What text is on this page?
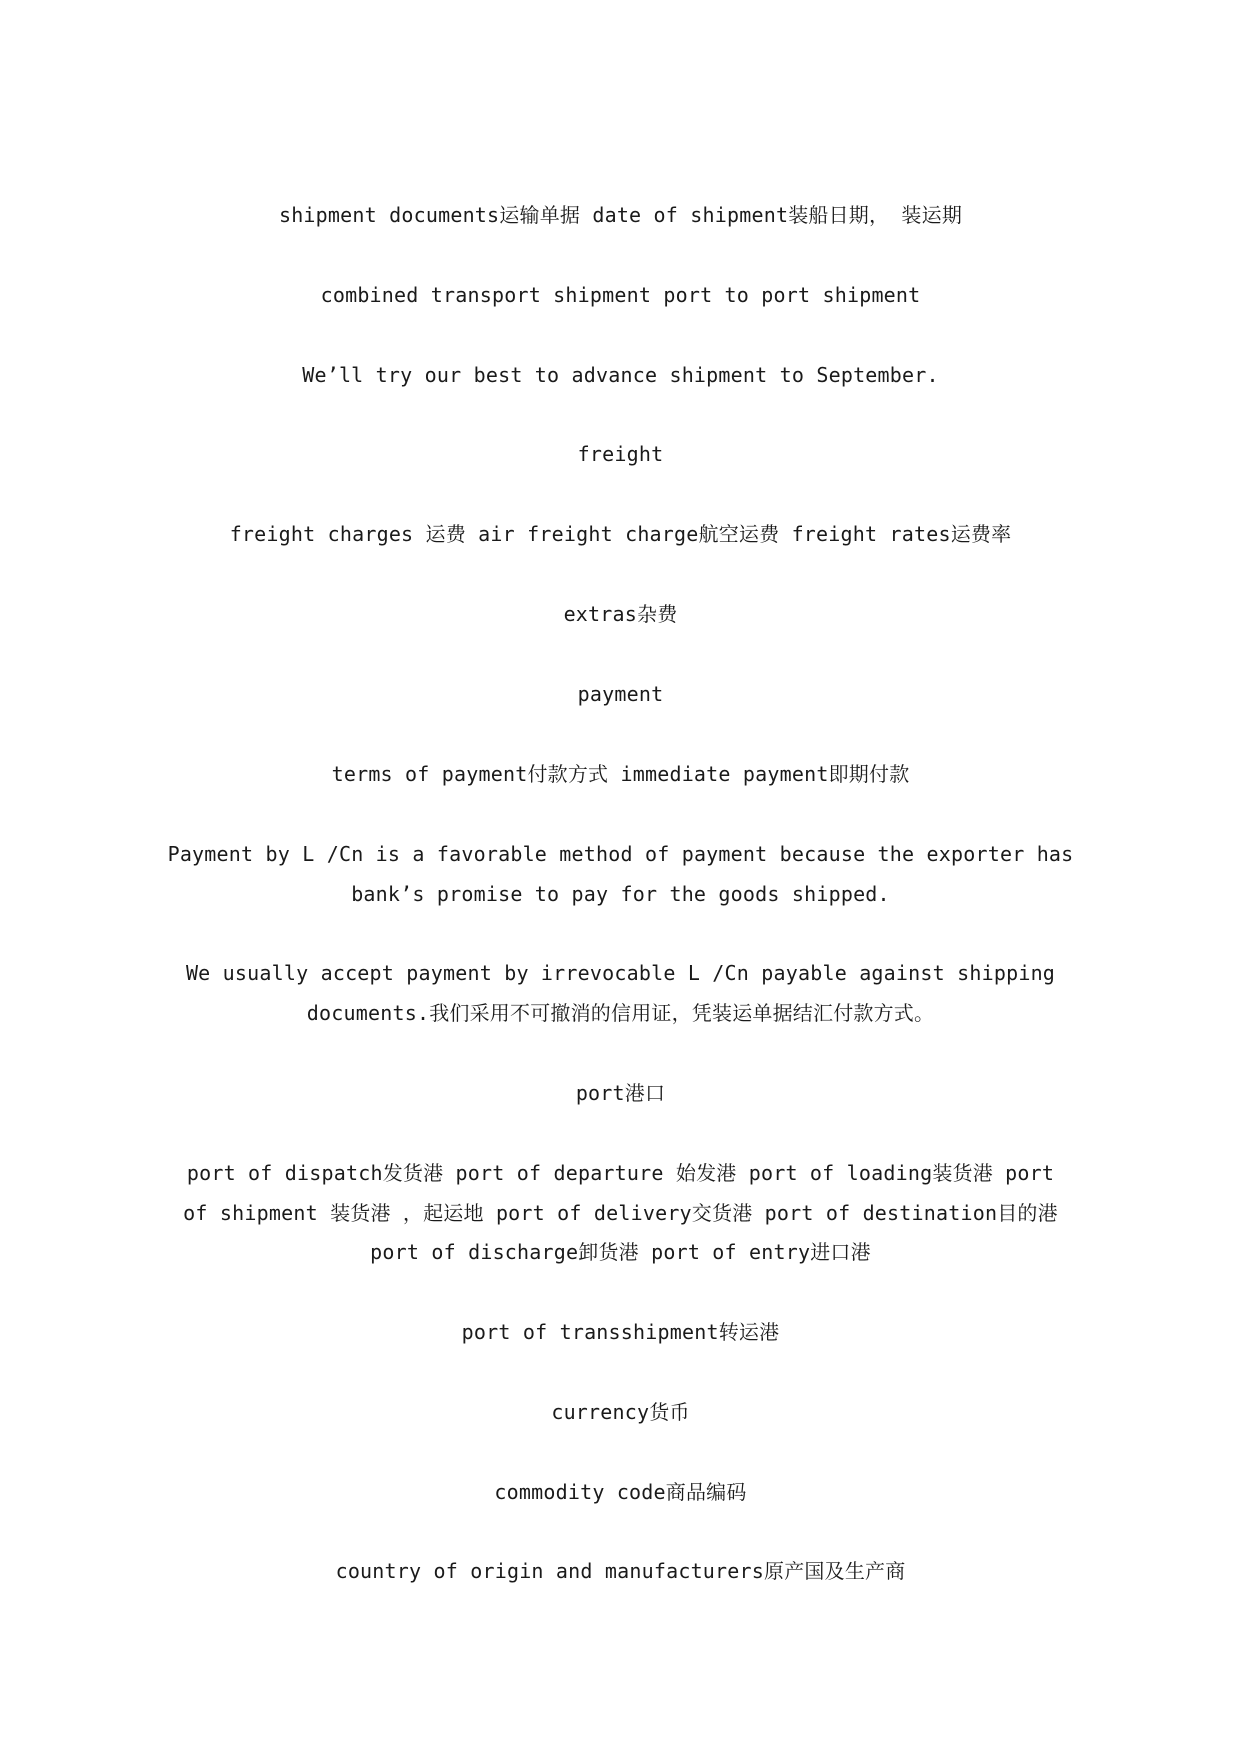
shipment documents运输单据 date of shipment装船日期， 装运期
combined transport shipment port to port shipment
We’ll try our best to advance shipment to September.
freight
freight charges 运费 air freight charge航空运费 freight rates运费率
extras杂费
payment
terms of payment付款方式 immediate payment即期付款
Payment by L /Cn is a favorable method of payment because the exporter has
bank’s promise to pay for the goods shipped.
We usually accept payment by irrevocable L /Cn payable against shipping
documents.我们采用不可撤消的信用证，凭装运单据结汇付款方式。
port港口
port of dispatch发货港 port of departure 始发港 port of loading装货港 port
of shipment 装货港 ，起运地 port of delivery交货港 port of destination目的港
port of discharge卸货港 port of entry进口港
port of transshipment转运港
currency货币
commodity code商品编码
country of origin and manufacturers原产国及生产商
